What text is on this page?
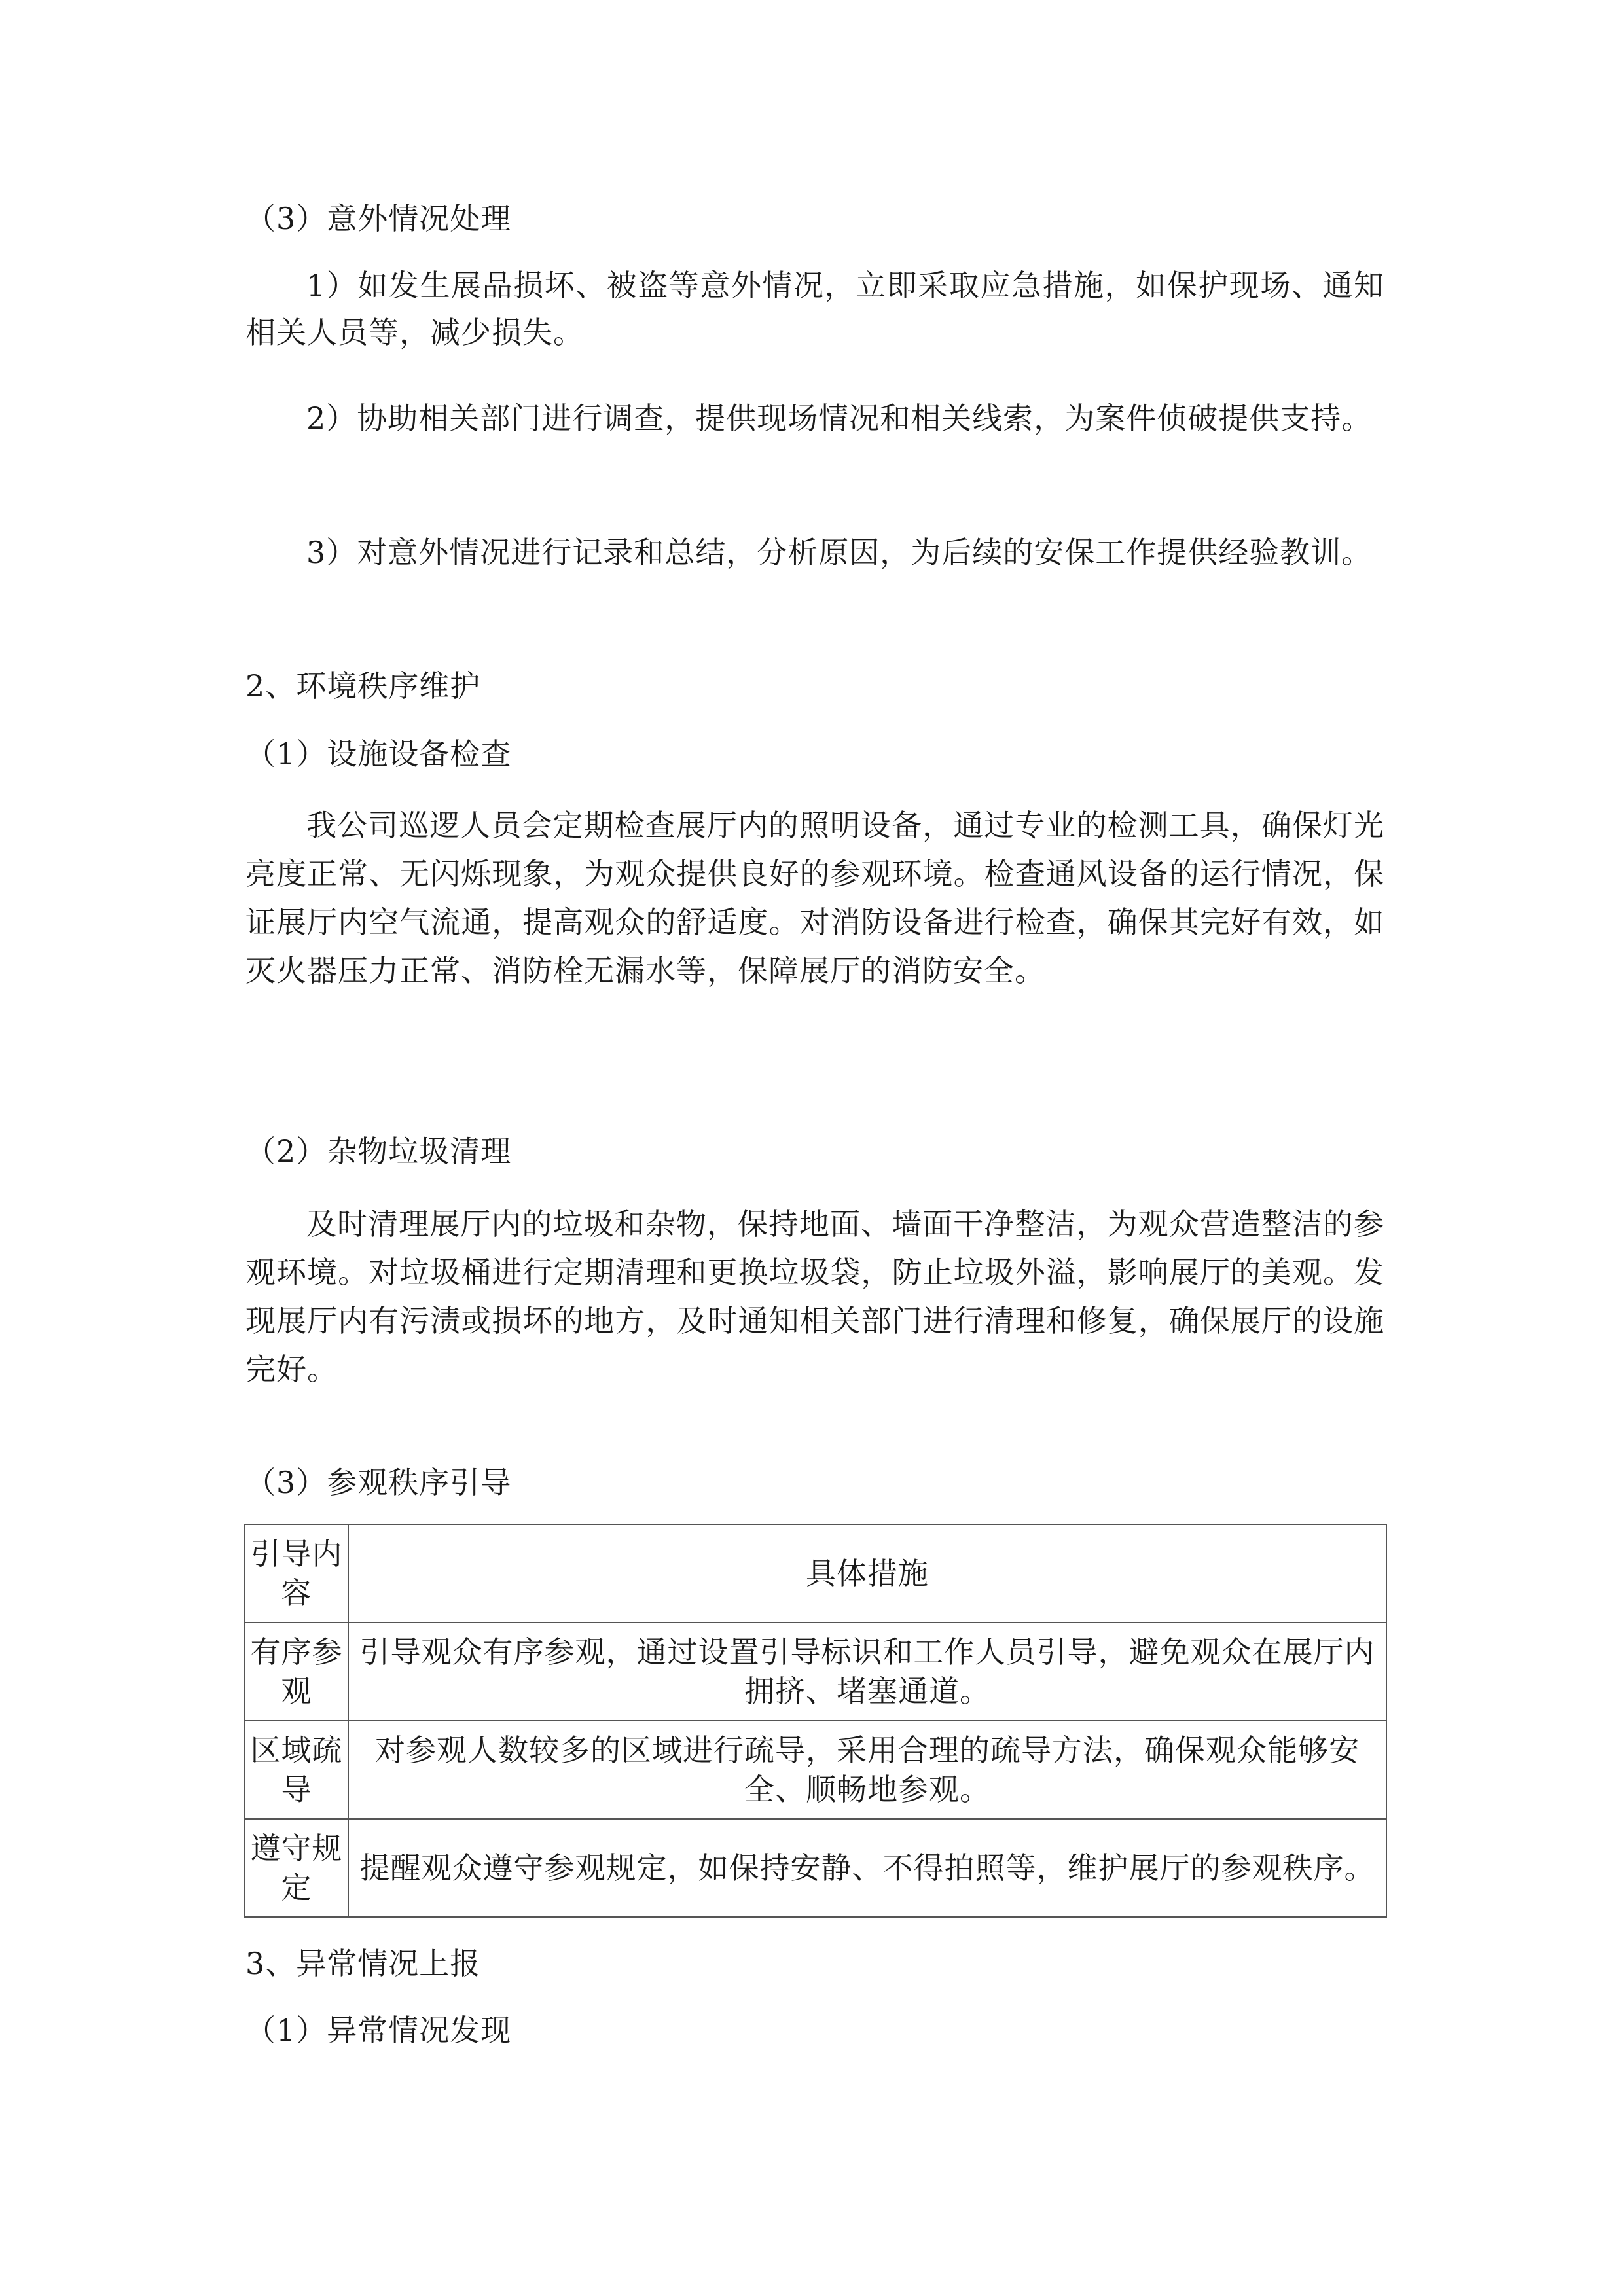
（3）意外情况处理
1）如发生展品损坏、被盗等意外情况，立即采取应急措施，如保护现场、通知相关人员等，减少损失。
2）协助相关部门进行调查，提供现场情况和相关线索，为案件侦破提供支持。
3）对意外情况进行记录和总结，分析原因，为后续的安保工作提供经验教训。
2、环境秩序维护
（1）设施设备检查
我公司巡逻人员会定期检查展厅内的照明设备，通过专业的检测工具，确保灯光亮度正常、无闪烁现象，为观众提供良好的参观环境。检查通风设备的运行情况，保证展厅内空气流通，提高观众的舒适度。对消防设备进行检查，确保其完好有效，如灭火器压力正常、消防栓无漏水等，保障展厅的消防安全。
（2）杂物垃圾清理
及时清理展厅内的垃圾和杂物，保持地面、墙面干净整洁，为观众营造整洁的参观环境。对垃圾桶进行定期清理和更换垃圾袋，防止垃圾外溢，影响展厅的美观。发现展厅内有污渍或损坏的地方，及时通知相关部门进行清理和修复，确保展厅的设施完好。
（3）参观秩序引导
引导内容	具体措施
有序参观	引导观众有序参观，通过设置引导标识和工作人员引导，避免观众在展厅内拥挤、堵塞通道。
区域疏导	对参观人数较多的区域进行疏导，采用合理的疏导方法，确保观众能够安全、顺畅地参观。
遵守规定	提醒观众遵守参观规定，如保持安静、不得拍照等，维护展厅的参观秩序。
3、异常情况上报
（1）异常情况发现
